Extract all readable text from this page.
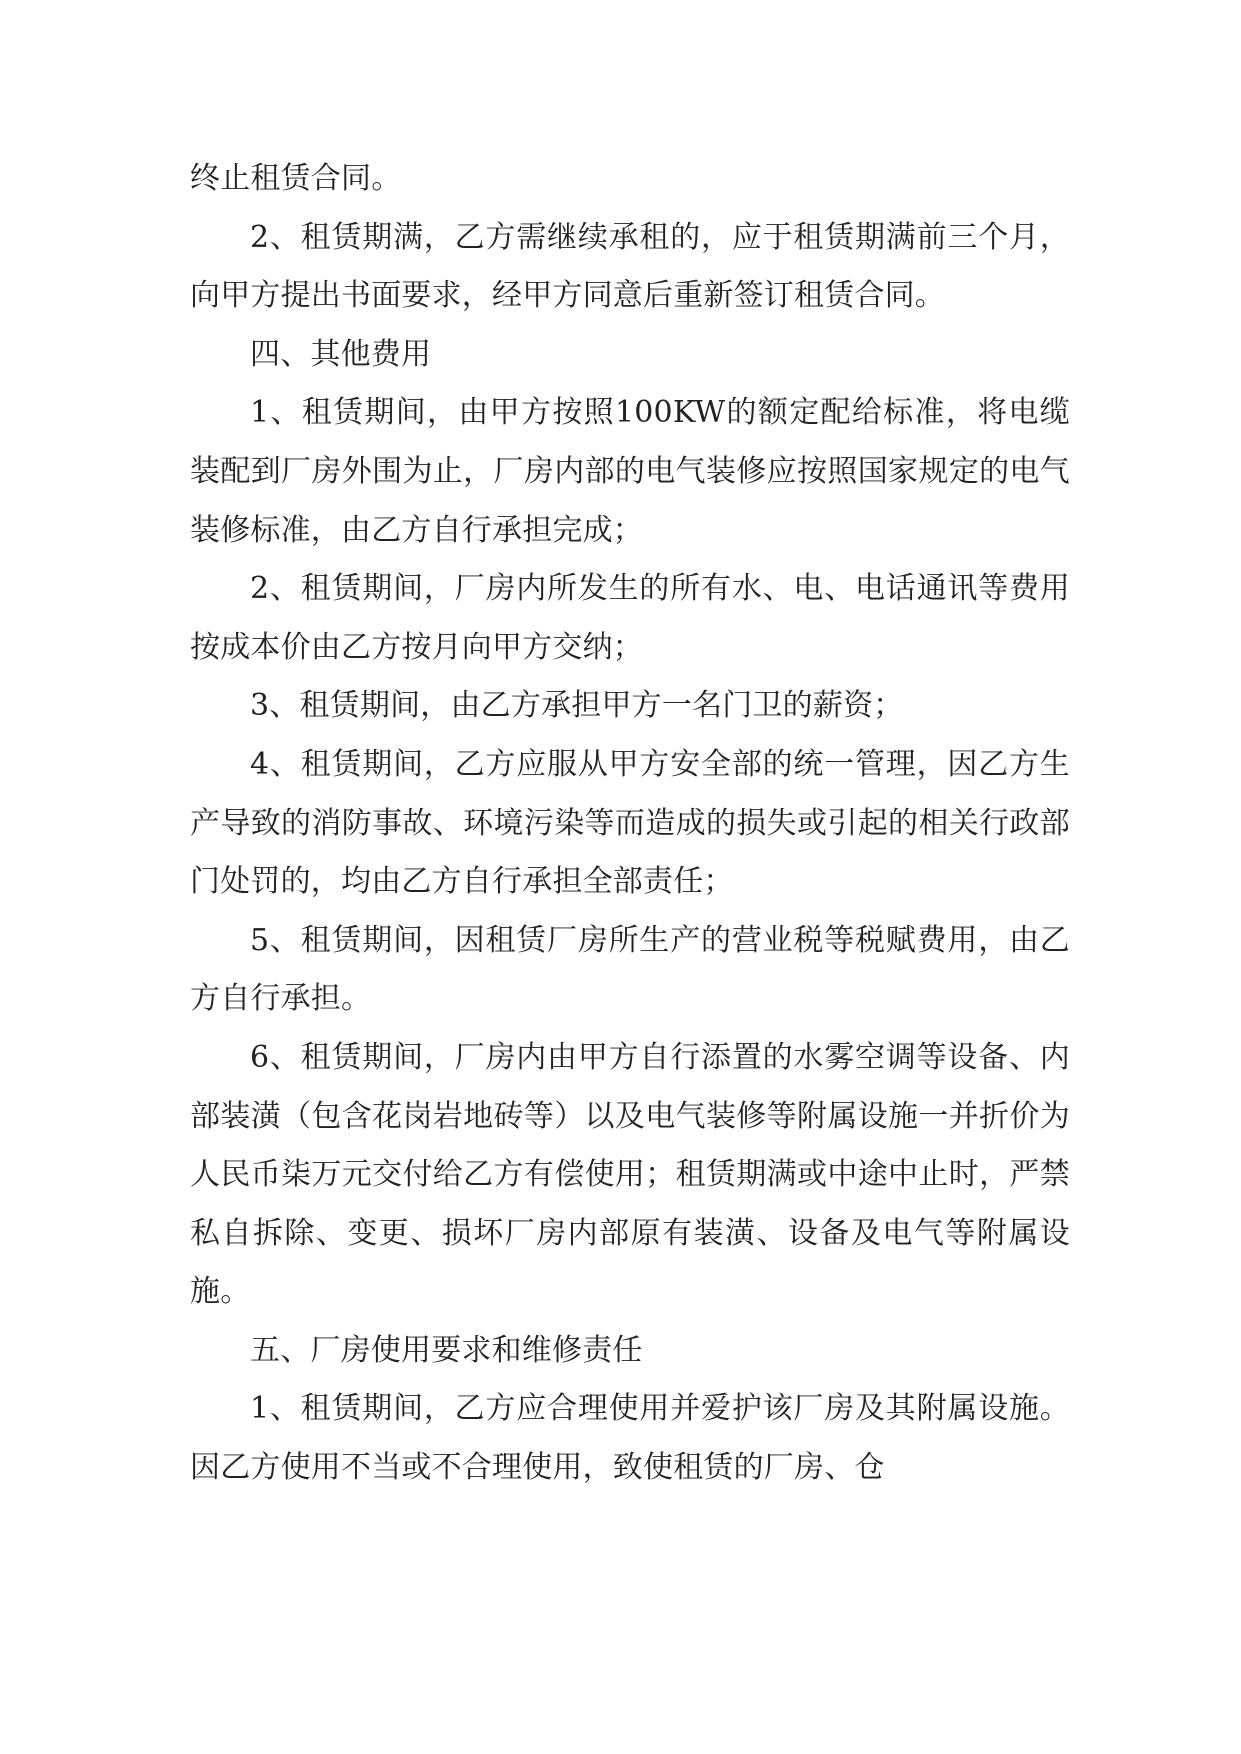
终止租赁合同。

2、租赁期满，乙方需继续承租的，应于租赁期满前三个月，向甲方提出书面要求，经甲方同意后重新签订租赁合同。

四、其他费用

1、租赁期间，由甲方按照100KW的额定配给标准，将电缆装配到厂房外围为止，厂房内部的电气装修应按照国家规定的电气装修标准，由乙方自行承担完成；

2、租赁期间，厂房内所发生的所有水、电、电话通讯等费用按成本价由乙方按月向甲方交纳；

3、租赁期间，由乙方承担甲方一名门卫的薪资；

4、租赁期间，乙方应服从甲方安全部的统一管理，因乙方生产导致的消防事故、环境污染等而造成的损失或引起的相关行政部门处罚的，均由乙方自行承担全部责任；

5、租赁期间，因租赁厂房所生产的营业税等税赋费用，由乙方自行承担。

6、租赁期间，厂房内由甲方自行添置的水雾空调等设备、内部装潢（包含花岗岩地砖等）以及电气装修等附属设施一并折价为人民币柒万元交付给乙方有偿使用；租赁期满或中途中止时，严禁私自拆除、变更、损坏厂房内部原有装潢、设备及电气等附属设施。

五、厂房使用要求和维修责任

1、租赁期间，乙方应合理使用并爱护该厂房及其附属设施。因乙方使用不当或不合理使用，致使租赁的厂房、仓
